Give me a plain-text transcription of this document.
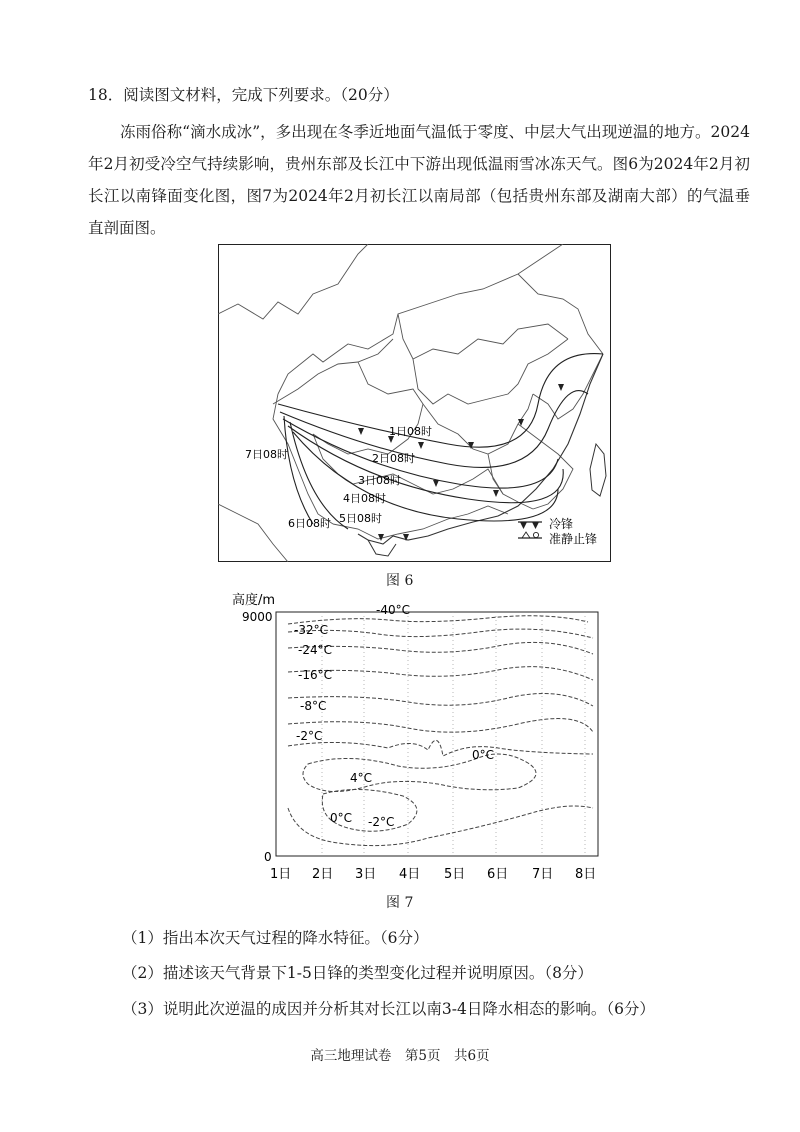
18．阅读图文材料，完成下列要求。（20分）
冻雨俗称“滴水成冰”，多出现在冬季近地面气温低于零度、中层大气出现逆温的地方。2024年2月初受冷空气持续影响，贵州东部及长江中下游出现低温雨雪冰冻天气。图6为2024年2月初长江以南锋面变化图，图7为2024年2月初长江以南局部（包括贵州东部及湖南大部）的气温垂直剖面图。
1日08时
2日08时
3日08时
4日08时
5日08时
6日08时
7日08时
冷锋
准静止锋
图 6
高度/m
9000
0
-40°C
-32°C
-24°C
-16°C
-8°C
-2°C
0°C
4°C
0°C -2°C
1日 2日 3日 4日 5日 6日 7日 8日
图 7
（1）指出本次天气过程的降水特征。（6分）
（2）描述该天气背景下1-5日锋的类型变化过程并说明原因。（8分）
（3）说明此次逆温的成因并分析其对长江以南3-4日降水相态的影响。（6分）
高三地理试卷　第5页　共6页
